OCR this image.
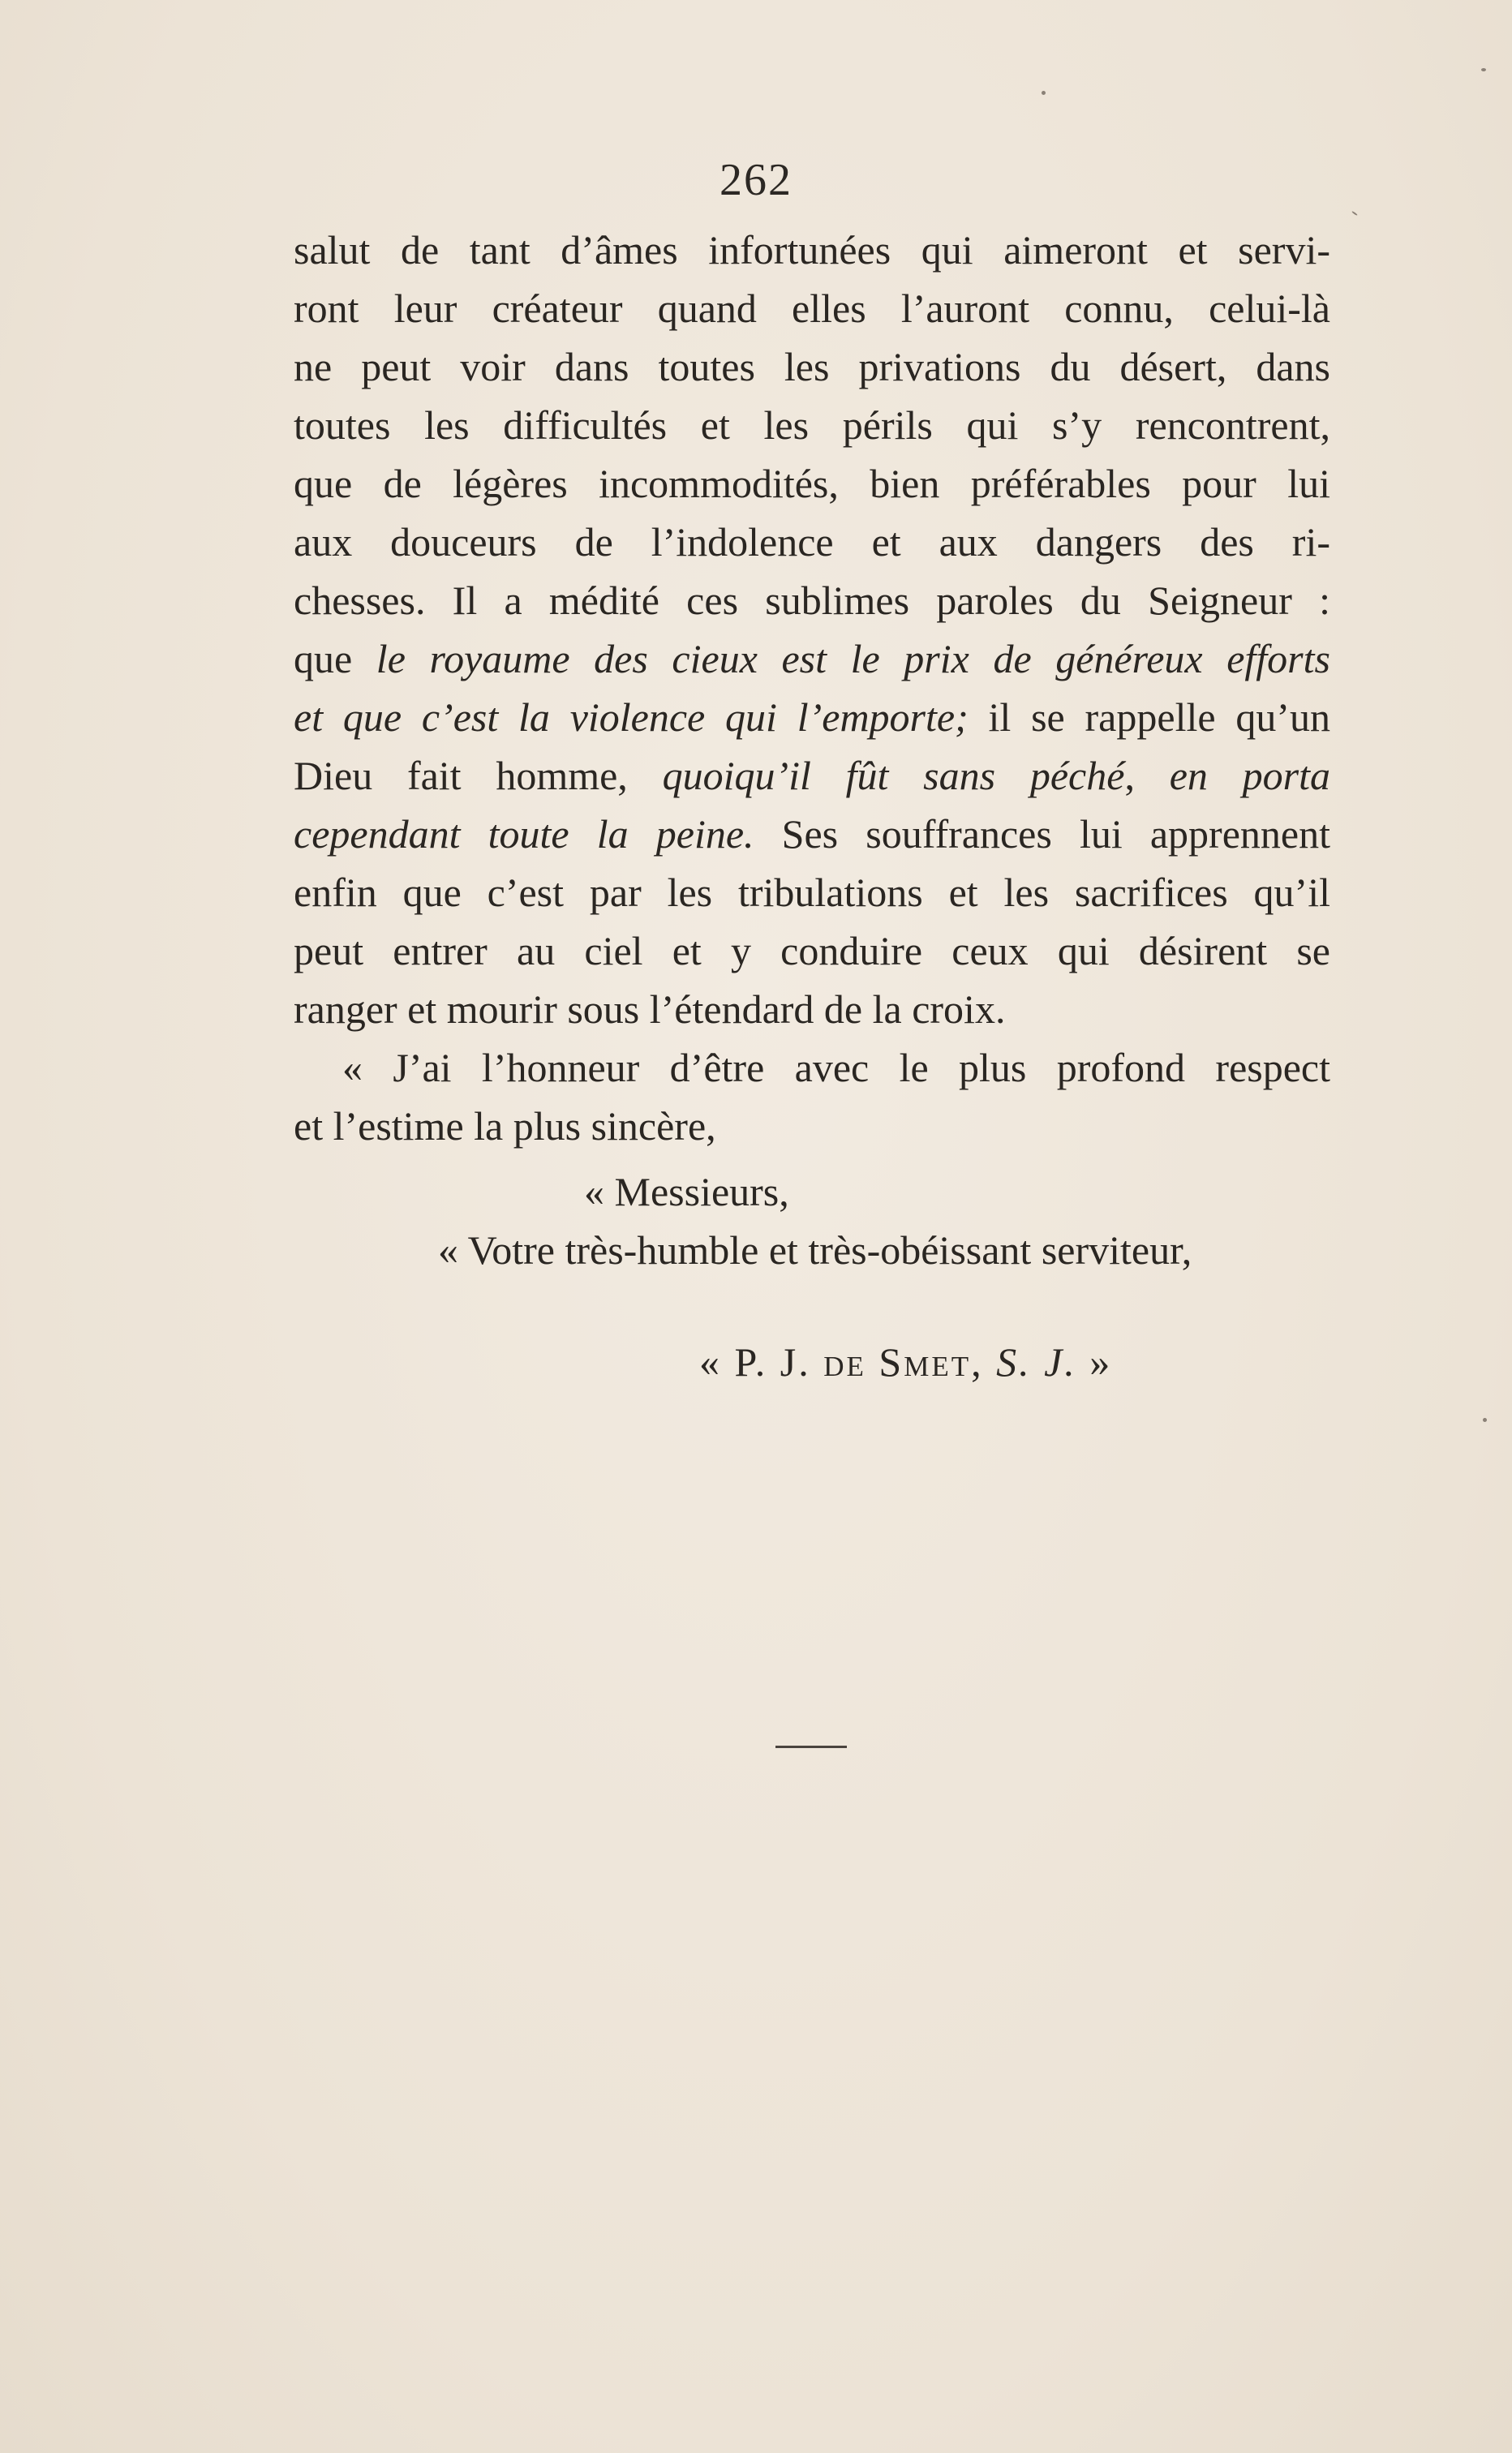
262
salut de tant d’âmes infortunées qui aimeront et servi-
ront leur créateur quand elles l’auront connu, celui-là
ne peut voir dans toutes les privations du désert, dans
toutes les difficultés et les périls qui s’y rencontrent,
que de légères incommodités, bien préférables pour lui
aux douceurs de l’indolence et aux dangers des ri-
chesses. Il a médité ces sublimes paroles du Seigneur :
que le royaume des cieux est le prix de généreux efforts
et que c’est la violence qui l’emporte; il se rappelle qu’un
Dieu fait homme, quoiqu’il fût sans péché, en porta
cependant toute la peine. Ses souffrances lui apprennent
enfin que c’est par les tribulations et les sacrifices qu’il
peut entrer au ciel et y conduire ceux qui désirent se
ranger et mourir sous l’étendard de la croix.
« J’ai l’honneur d’être avec le plus profond respect
et l’estime la plus sincère,
« Messieurs,
« Votre très-humble et très-obéissant serviteur,
« P. J. de Smet, S. J. »
